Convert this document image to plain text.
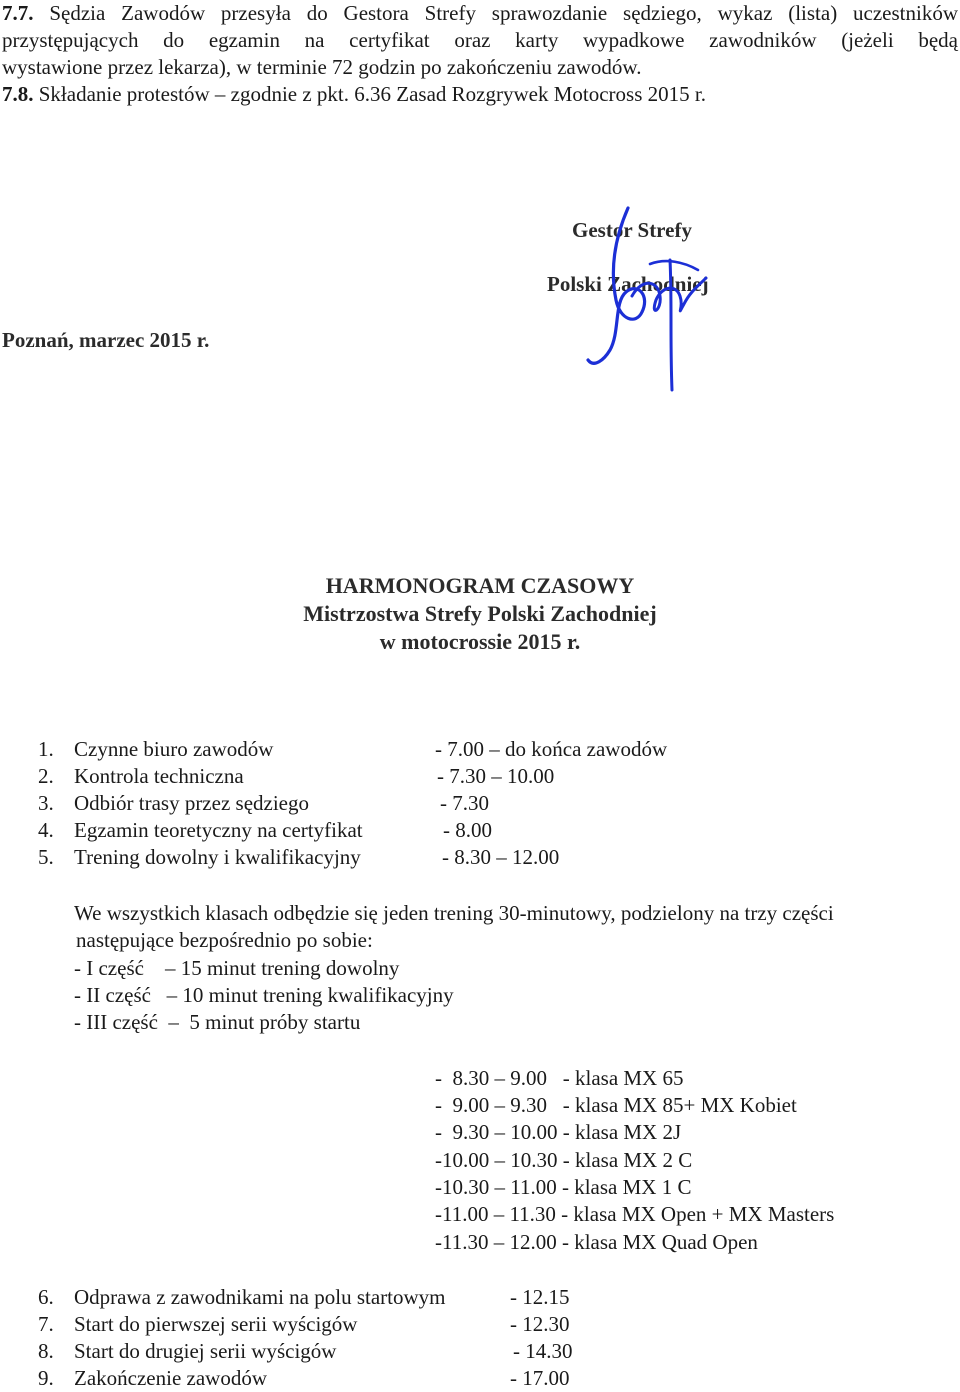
7.7. Sędzia Zawodów przesyła do Gestora Strefy sprawozdanie sędziego, wykaz (lista) uczestników
przystępujących do egzamin na certyfikat oraz karty wypadkowe zawodników (jeżeli będą
wystawione przez lekarza), w terminie 72 godzin po zakończeniu zawodów.
7.8. Składanie protestów – zgodnie z pkt. 6.36 Zasad Rozgrywek Motocross 2015 r.
Gestor Strefy
Polski Zachodniej
Poznań, marzec 2015 r.
HARMONOGRAM CZASOWY
Mistrzostwa Strefy Polski Zachodniej
w motocrossie 2015 r.
1. Czynne biuro zawodów	- 7.00 – do końca zawodów
2. Kontrola techniczna	- 7.30 – 10.00
3. Odbiór trasy przez sędziego	- 7.30
4. Egzamin teoretyczny na certyfikat	- 8.00
5. Trening dowolny i kwalifikacyjny	- 8.30 – 12.00
We wszystkich klasach odbędzie się jeden trening 30-minutowy, podzielony na trzy części
następujące bezpośrednio po sobie:
- I część    – 15 minut trening dowolny
- II część   – 10 minut trening kwalifikacyjny
- III część  –  5 minut próby startu
-  8.30 – 9.00   - klasa MX 65
-  9.00 – 9.30   - klasa MX 85+ MX Kobiet
-  9.30 – 10.00 - klasa MX 2J
-10.00 – 10.30 - klasa MX 2 C
-10.30 – 11.00 - klasa MX 1 C
-11.00 – 11.30 - klasa MX Open + MX Masters
-11.30 – 12.00 - klasa MX Quad Open
6. Odprawa z zawodnikami na polu startowym	- 12.15
7. Start do pierwszej serii wyścigów	- 12.30
8. Start do drugiej serii wyścigów	- 14.30
9. Zakończenie zawodów	- 17.00
